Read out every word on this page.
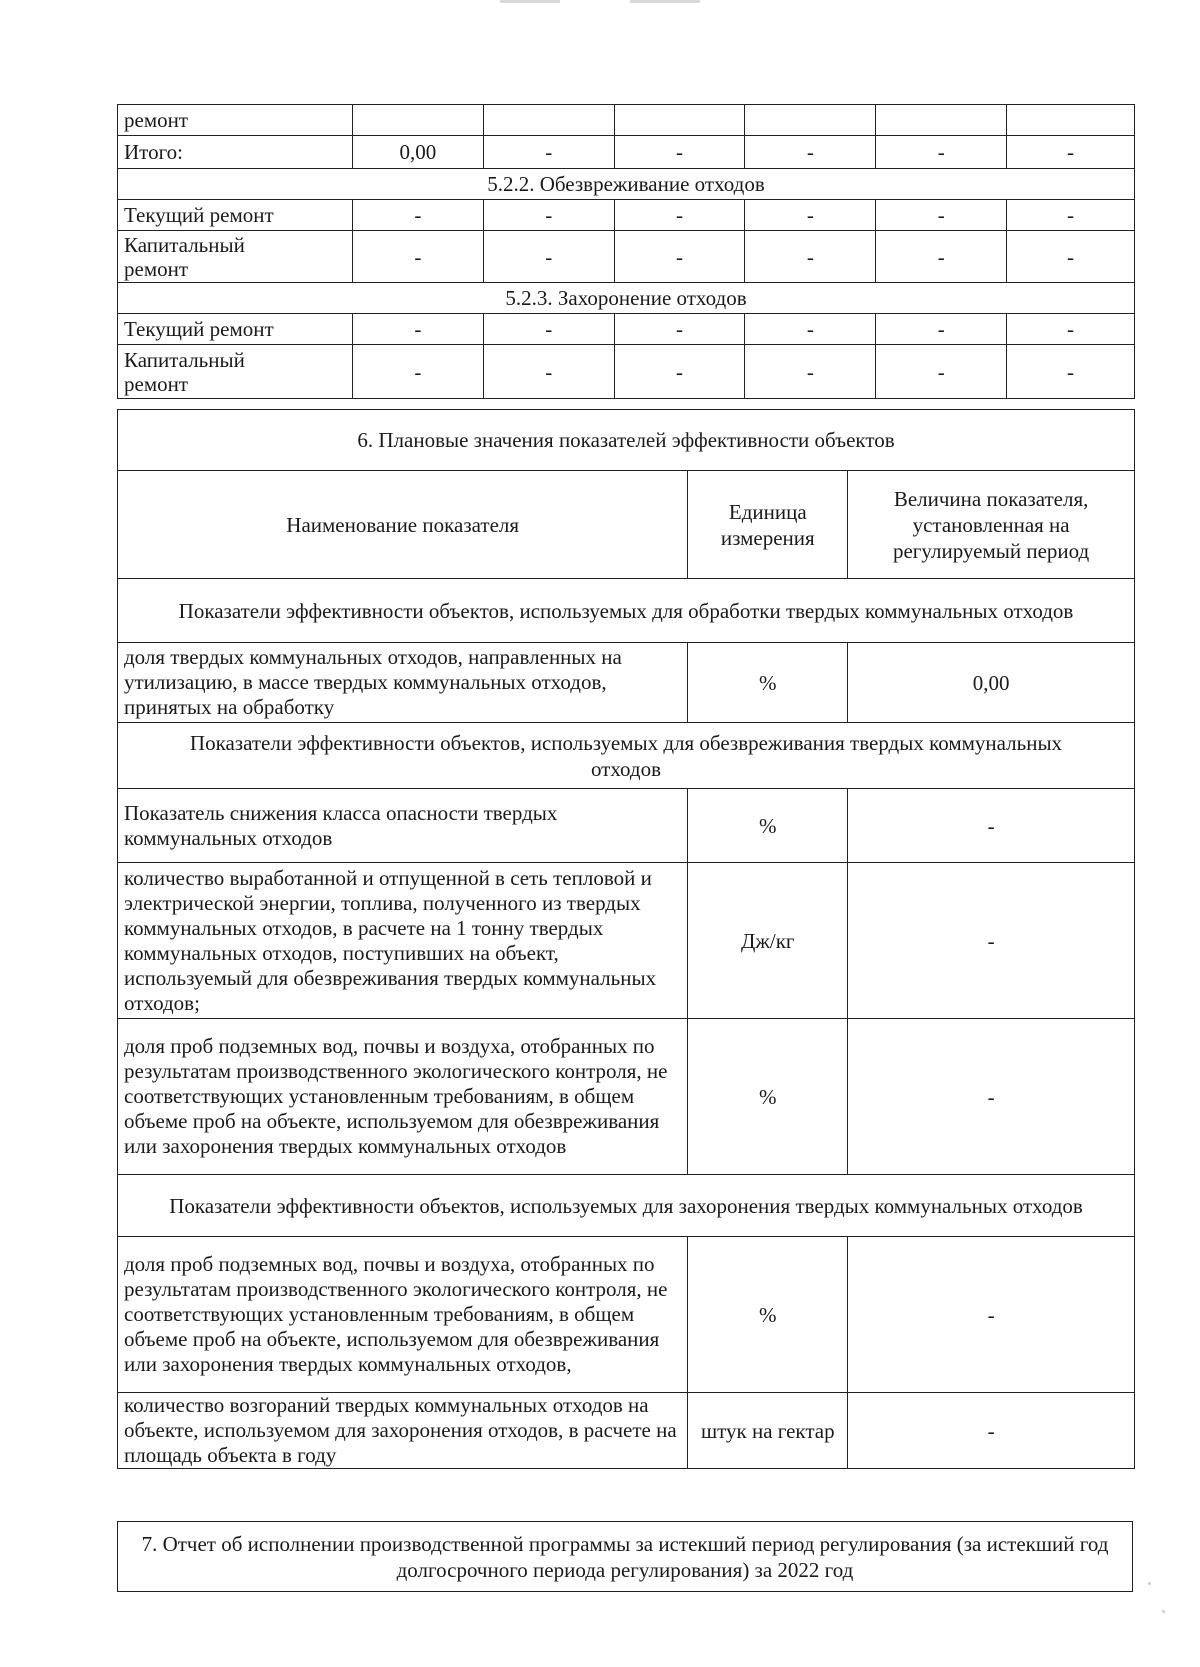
ремонт						
Итого:	0,00	-	-	-	-	-
5.2.2. Обезвреживание отходов						
Текущий ремонт	-	-	-	-	-	-
Капитальный ремонт	-	-	-	-	-	-
5.2.3. Захоронение отходов						
Текущий ремонт	-	-	-	-	-	-
Капитальный ремонт	-	-	-	-	-	-
6. Плановые значения показателей эффективности объектов		
Наименование показателя	Единица измерения	Величина показателя, установленная на регулируемый период
Показатели эффективности объектов, используемых для обработки твердых коммунальных отходов		
доля твердых коммунальных отходов, направленных на утилизацию, в массе твердых коммунальных отходов, принятых на обработку	%	0,00
Показатели эффективности объектов, используемых для обезвреживания твердых коммунальных отходов		
Показатель снижения класса опасности твердых коммунальных отходов	%	-
количество выработанной и отпущенной в сеть тепловой и электрической энергии, топлива, полученного из твердых коммунальных отходов, в расчете на 1 тонну твердых коммунальных отходов, поступивших на объект, используемый для обезвреживания твердых коммунальных отходов;	Дж/кг	-
доля проб подземных вод, почвы и воздуха, отобранных по результатам производственного экологического контроля, не соответствующих установленным требованиям, в общем объеме проб на объекте, используемом для обезвреживания или захоронения твердых коммунальных отходов	%	-
Показатели эффективности объектов, используемых для захоронения твердых коммунальных отходов		
доля проб подземных вод, почвы и воздуха, отобранных по результатам производственного экологического контроля, не соответствующих установленным требованиям, в общем объеме проб на объекте, используемом для обезвреживания или захоронения твердых коммунальных отходов,	%	-
количество возгораний твердых коммунальных отходов на объекте, используемом для захоронения отходов, в расчете на площадь объекта в году	штук на гектар	-
7. Отчет об исполнении производственной программы за истекший период регулирования (за истекший год долгосрочного периода регулирования) за 2022 год
